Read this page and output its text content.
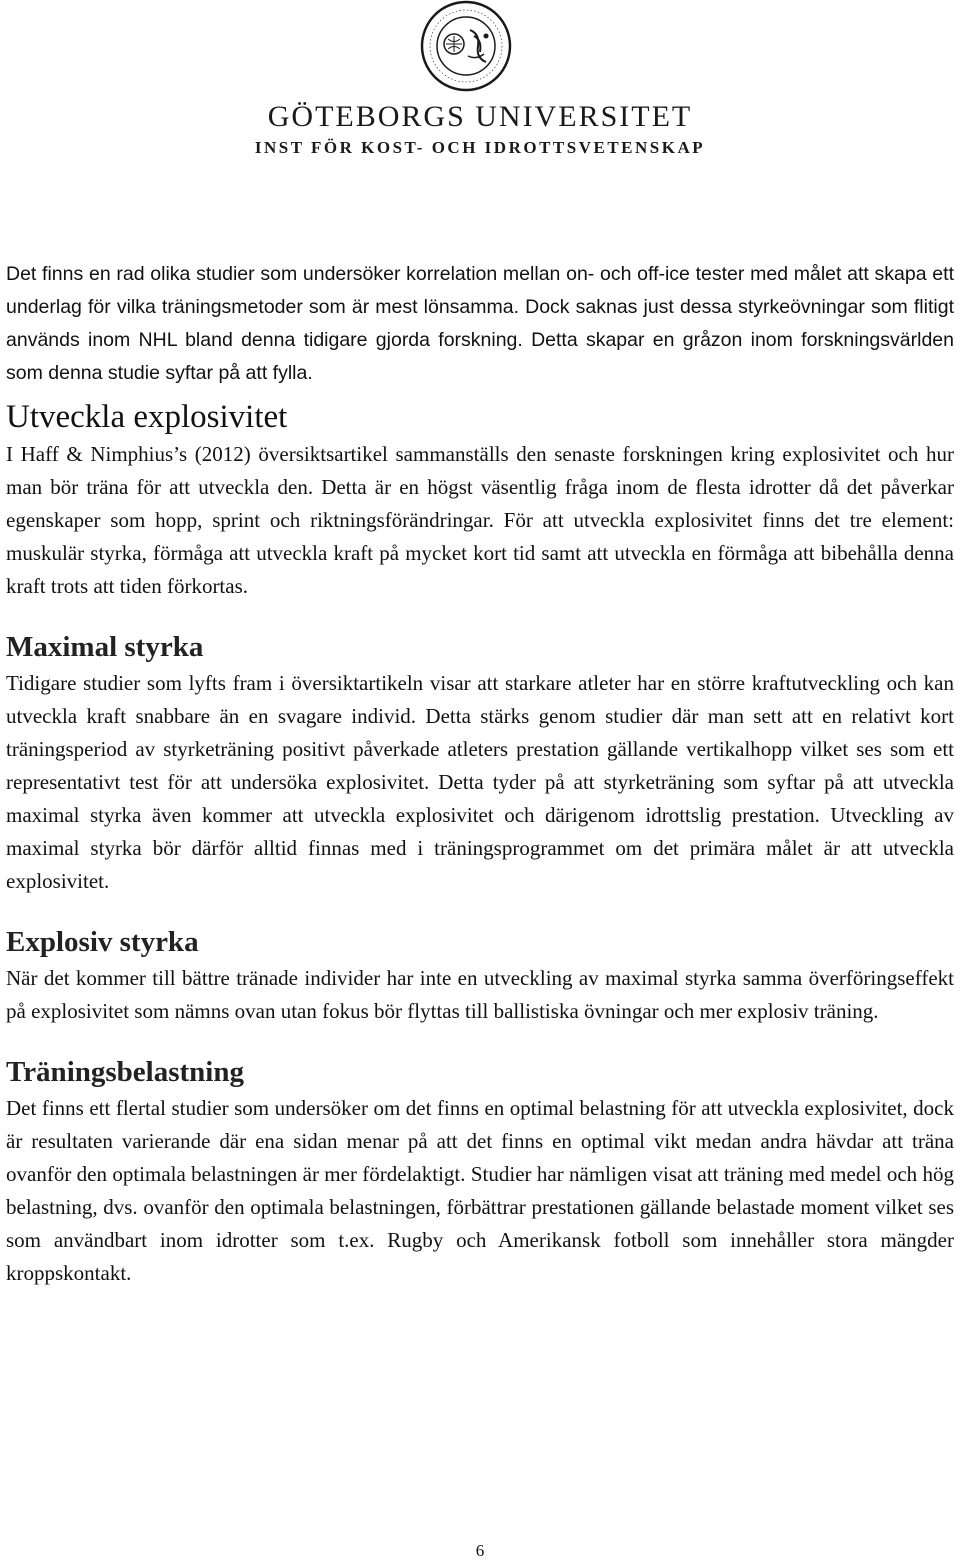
GÖTEBORGS UNIVERSITET
INST FÖR KOST- OCH IDROTTSVETENSKAP

Det finns en rad olika studier som undersöker korrelation mellan on- och off-ice tester med målet att skapa ett underlag för vilka träningsmetoder som är mest lönsamma. Dock saknas just dessa styrkeövningar som flitigt används inom NHL bland denna tidigare gjorda forskning. Detta skapar en gråzon inom forskningsvärlden som denna studie syftar på att fylla.

Utveckla explosivitet

I Haff & Nimphius’s (2012) översiktsartikel sammanställs den senaste forskningen kring explosivitet och hur man bör träna för att utveckla den. Detta är en högst väsentlig fråga inom de flesta idrotter då det påverkar egenskaper som hopp, sprint och riktningsförändringar. För att utveckla explosivitet finns det tre element: muskulär styrka, förmåga att utveckla kraft på mycket kort tid samt att utveckla en förmåga att bibehålla denna kraft trots att tiden förkortas.

Maximal styrka

Tidigare studier som lyfts fram i översiktartikeln visar att starkare atleter har en större kraftutveckling och kan utveckla kraft snabbare än en svagare individ. Detta stärks genom studier där man sett att en relativt kort träningsperiod av styrketräning positivt påverkade atleters prestation gällande vertikalhopp vilket ses som ett representativt test för att undersöka explosivitet. Detta tyder på att styrketräning som syftar på att utveckla maximal styrka även kommer att utveckla explosivitet och därigenom idrottslig prestation. Utveckling av maximal styrka bör därför alltid finnas med i träningsprogrammet om det primära målet är att utveckla explosivitet.

Explosiv styrka

När det kommer till bättre tränade individer har inte en utveckling av maximal styrka samma överföringseffekt på explosivitet som nämns ovan utan fokus bör flyttas till ballistiska övningar och mer explosiv träning.

Träningsbelastning

Det finns ett flertal studier som undersöker om det finns en optimal belastning för att utveckla explosivitet, dock är resultaten varierande där ena sidan menar på att det finns en optimal vikt medan andra hävdar att träna ovanför den optimala belastningen är mer fördelaktigt. Studier har nämligen visat att träning med medel och hög belastning, dvs. ovanför den optimala belastningen, förbättrar prestationen gällande belastade moment vilket ses som användbart inom idrotter som t.ex. Rugby och Amerikansk fotboll som innehåller stora mängder kroppskontakt.

6
